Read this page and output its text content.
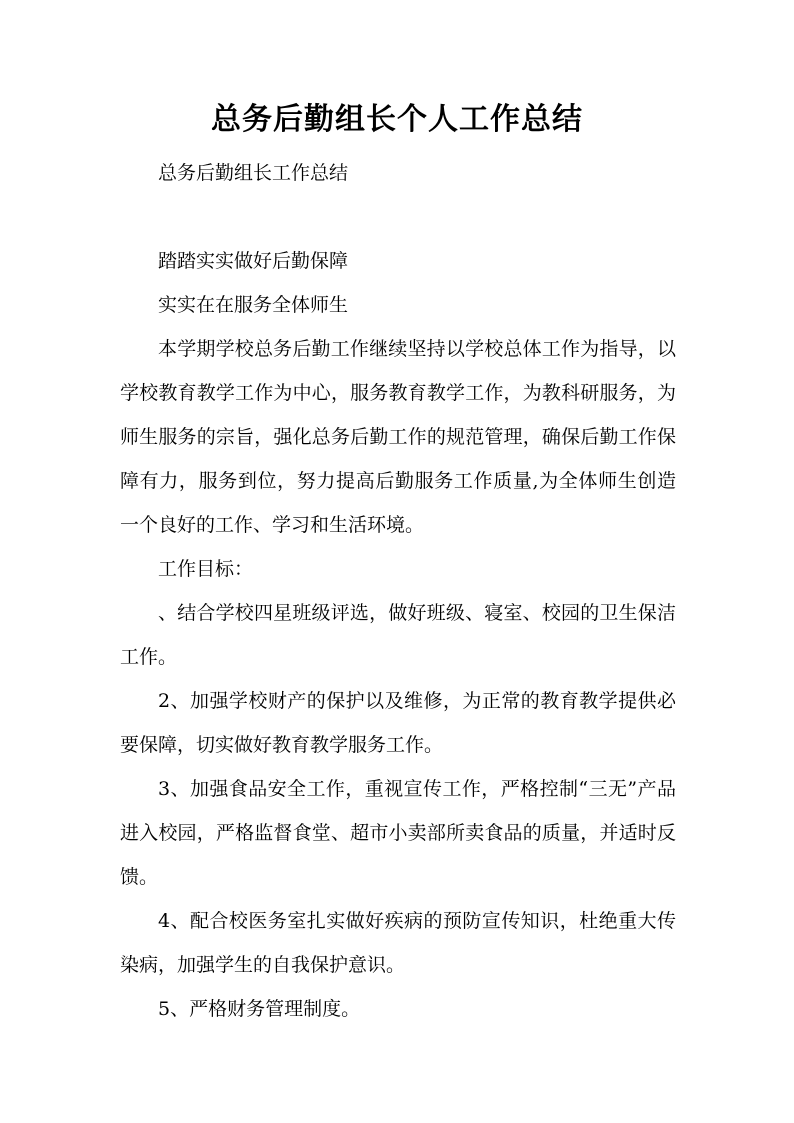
总务后勤组长个人工作总结

总务后勤组长工作总结

踏踏实实做好后勤保障

实实在在服务全体师生

本学期学校总务后勤工作继续坚持以学校总体工作为指导，以学校教育教学工作为中心，服务教育教学工作，为教科研服务，为师生服务的宗旨，强化总务后勤工作的规范管理，确保后勤工作保障有力，服务到位，努力提高后勤服务工作质量,为全体师生创造一个良好的工作、学习和生活环境。

工作目标：

、结合学校四星班级评选，做好班级、寝室、校园的卫生保洁工作。

2、加强学校财产的保护以及维修，为正常的教育教学提供必要保障，切实做好教育教学服务工作。

3、加强食品安全工作，重视宣传工作，严格控制“三无”产品进入校园，严格监督食堂、超市小卖部所卖食品的质量，并适时反馈。

4、配合校医务室扎实做好疾病的预防宣传知识，杜绝重大传染病，加强学生的自我保护意识。

5、严格财务管理制度。
